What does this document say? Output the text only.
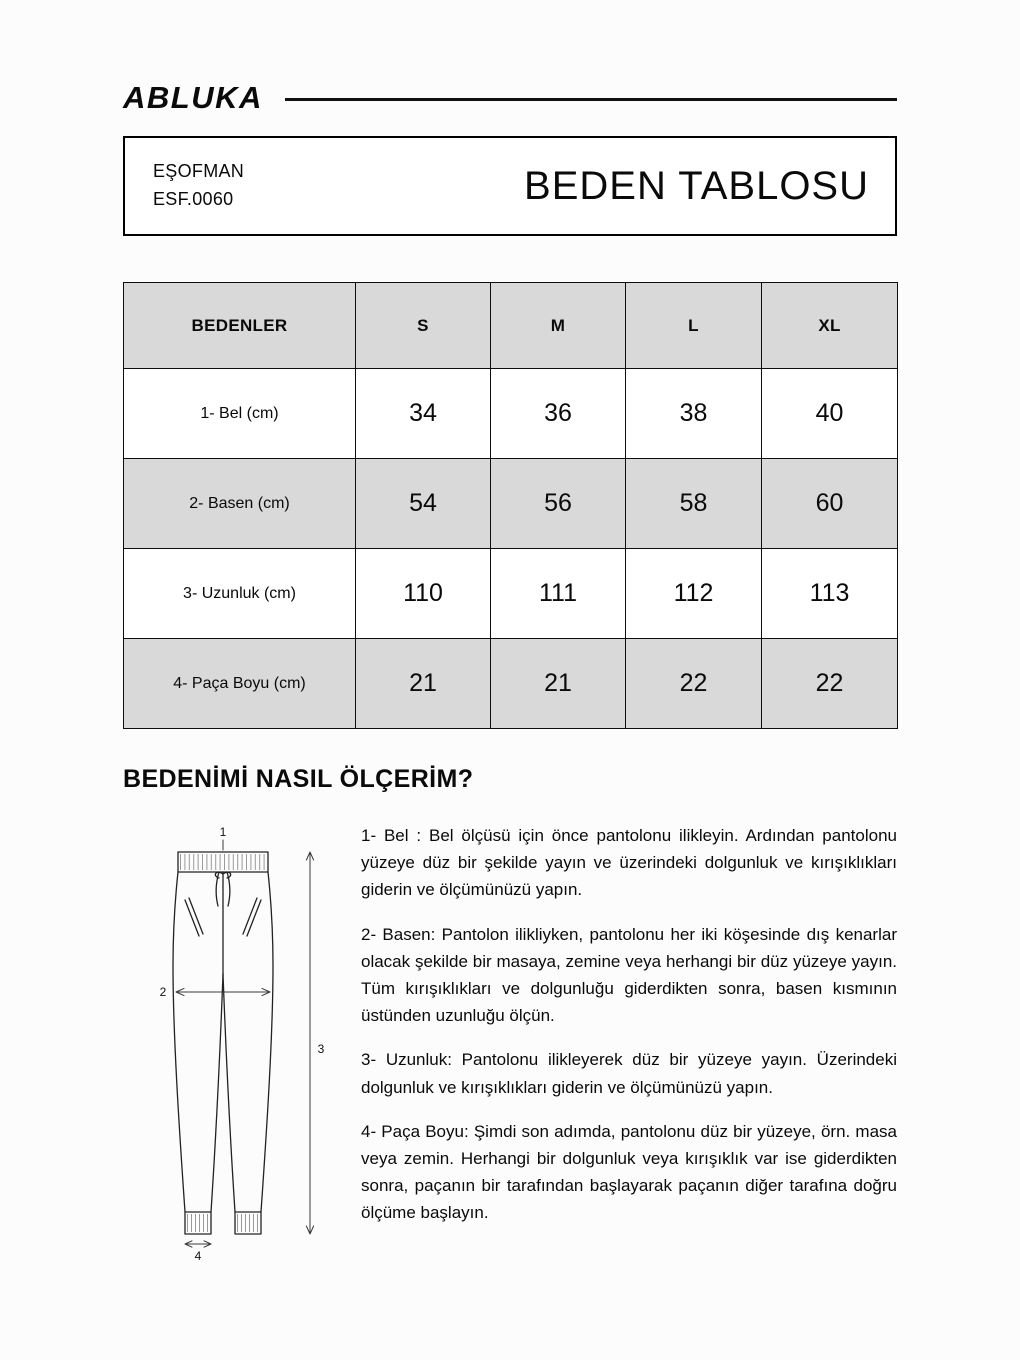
ABLUKA
EŞOFMAN
ESF.0060	BEDEN TABLOSU
BEDENLER	S	M	L	XL
1- Bel (cm)	34	36	38	40
2- Basen (cm)	54	56	58	60
3- Uzunluk (cm)	110	111	112	113
4- Paça Boyu (cm)	21	21	22	22
BEDENİMİ NASIL ÖLÇERİM?
1
2
3
4

1- Bel : Bel ölçüsü için önce pantolonu ilikleyin. Ardından pantolonu yüzeye düz bir şekilde yayın ve üzerindeki dolgunluk ve kırışıklıkları giderin ve ölçümünüzü yapın.

2- Basen: Pantolon ilikliyken, pantolonu her iki köşesinde dış kenarlar olacak şekilde bir masaya, zemine veya herhangi bir düz yüzeye yayın. Tüm kırışıklıkları ve dolgunluğu giderdikten sonra, basen kısmının üstünden uzunluğu ölçün.

3- Uzunluk: Pantolonu ilikleyerek düz bir yüzeye yayın. Üzerindeki dolgunluk ve kırışıklıkları giderin ve ölçümünüzü yapın.

4- Paça Boyu: Şimdi son adımda, pantolonu düz bir yüzeye, örn. masa veya zemin. Herhangi bir dolgunluk veya kırışıklık var ise giderdikten sonra, paçanın bir tarafından başlayarak paçanın diğer tarafına doğru ölçüme başlayın.
